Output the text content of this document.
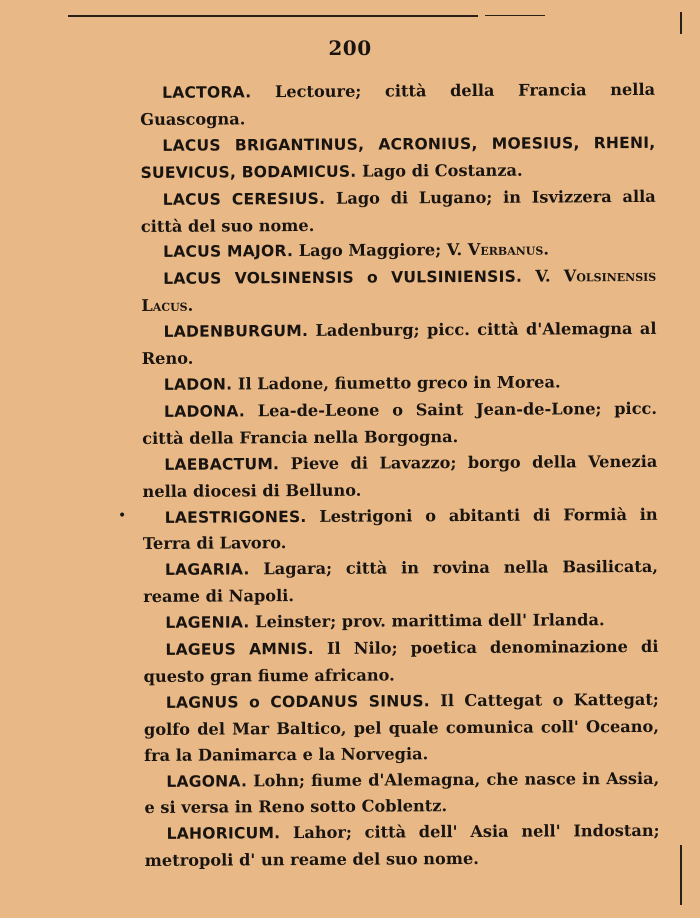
200
•

LACTORA. Lectoure; città della Francia nella Guascogna.

LACUS BRIGANTINUS, ACRONIUS, MOESIUS, RHENI, SUEVICUS, BODAMICUS. Lago di Costanza.

LACUS CERESIUS. Lago di Lugano; in Isvizzera alla città del suo nome.

LACUS MAJOR. Lago Maggiore; V. Verbanus.

LACUS VOLSINENSIS o VULSINIENSIS. V. Volsinensis Lacus.

LADENBURGUM. Ladenburg; picc. città d'Alemagna al Reno.

LADON. Il Ladone, fiumetto greco in Morea.

LADONA. Lea-de-Leone o Saint Jean-de-Lone; picc. città della Francia nella Borgogna.

LAEBACTUM. Pieve di Lavazzo; borgo della Venezia nella diocesi di Belluno.

LAESTRIGONES. Lestrigoni o abitanti di Formià in Terra di Lavoro.

LAGARIA. Lagara; città in rovina nella Basilicata, reame di Napoli.

LAGENIA. Leinster; prov. marittima dell' Irlanda.

LAGEUS AMNIS. Il Nilo; poetica denominazione di questo gran fiume africano.

LAGNUS o CODANUS SINUS. Il Cattegat o Kattegat; golfo del Mar Baltico, pel quale comunica coll' Oceano, fra la Danimarca e la Norvegia.

LAGONA. Lohn; fiume d'Alemagna, che nasce in Assia, e si versa in Reno sotto Coblentz.

LAHORICUM. Lahor; città dell' Asia nell' Indostan; metropoli d' un reame del suo nome.
